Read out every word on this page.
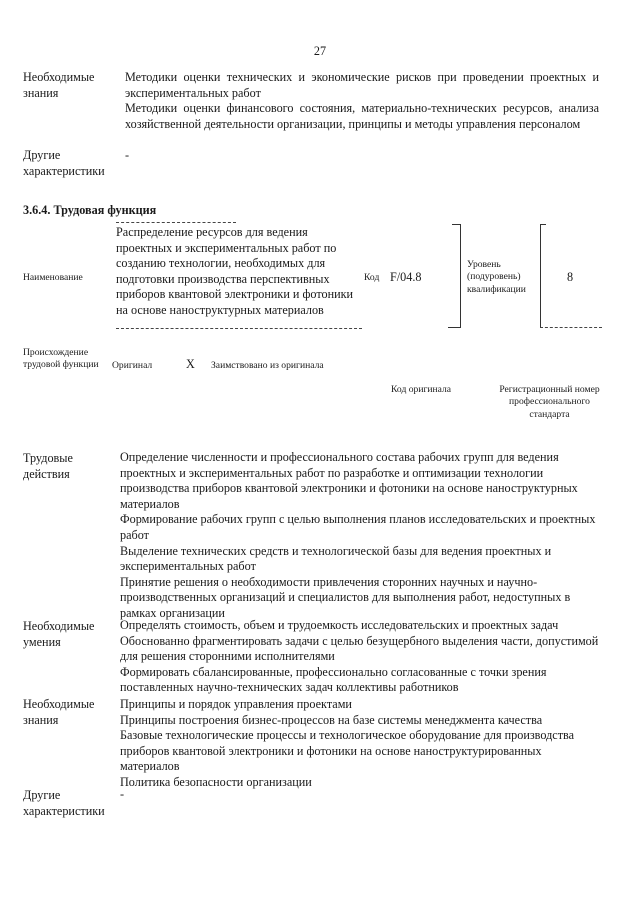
27
Необходимые знания

Методики оценки технических и экономические рисков при проведении проектных и экспериментальных работ

Методики оценки финансового состояния, материально-технических ресурсов, анализа хозяйственной деятельности организации, принципы и методы управления персоналом

Другие характеристики
-
3.6.4. Трудовая функция
Наименование
Распределение ресурсов для ведения проектных и экспериментальных работ по созданию технологии, необходимых для подготовки производства перспективных приборов квантовой электроники и фотоники на основе наноструктурных материалов
Код F/04.8
Уровень (подуровень) квалификации
8
Происхождение трудовой функции	Оригинал	X Заимствовано из оригинала
Код оригинала	Регистрационный номер профессионального стандарта
Трудовые действия

Определение численности и профессионального состава рабочих групп для ведения проектных и экспериментальных работ по разработке и оптимизации технологии производства приборов квантовой электроники и фотоники на основе наноструктурных материалов

Формирование рабочих групп с целью выполнения планов исследовательских и проектных работ

Выделение технических средств и технологической базы для ведения проектных и экспериментальных работ

Принятие решения о необходимости привлечения сторонних научных и научно-производственных организаций и специалистов для выполнения работ, недоступных в рамках организации

Необходимые умения

Определять стоимость, объем и трудоемкость исследовательских и проектных задач

Обоснованно фрагментировать задачи с целью безущербного выделения части, допустимой для решения сторонними исполнителями

Формировать сбалансированные, профессионально согласованные с точки зрения поставленных научно-технических задач коллективы работников

Необходимые знания

Принципы и порядок управления проектами

Принципы построения бизнес-процессов на базе системы менеджмента качества

Базовые технологические процессы и технологическое оборудование для производства приборов квантовой электроники и фотоники на основе наноструктурированных материалов

Политика безопасности организации

Другие характеристики
-
